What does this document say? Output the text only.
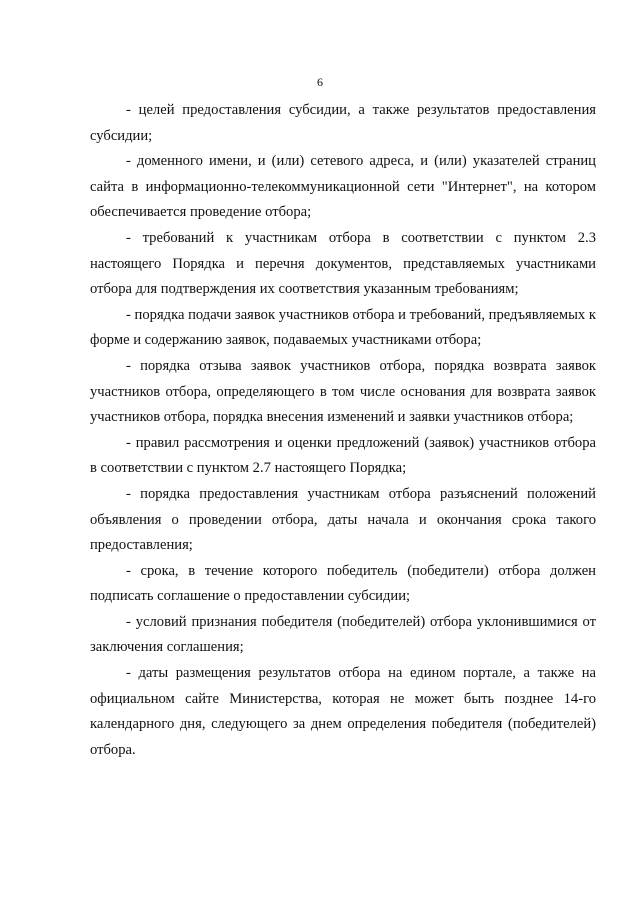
6

- целей предоставления субсидии, а также результатов предоставления субсидии;

- доменного имени, и (или) сетевого адреса, и (или) указателей страниц сайта в информационно-телекоммуникационной сети "Интернет", на котором обеспечивается проведение отбора;

- требований к участникам отбора в соответствии с пунктом 2.3 настоящего Порядка и перечня документов, представляемых участниками отбора для подтверждения их соответствия указанным требованиям;

- порядка подачи заявок участников отбора и требований, предъявляемых к форме и содержанию заявок, подаваемых участниками отбора;

- порядка отзыва заявок участников отбора, порядка возврата заявок участников отбора, определяющего в том числе основания для возврата заявок участников отбора, порядка внесения изменений и заявки участников отбора;

- правил рассмотрения и оценки предложений (заявок) участников отбора в соответствии с пунктом 2.7 настоящего Порядка;

- порядка предоставления участникам отбора разъяснений положений объявления о проведении отбора, даты начала и окончания срока такого предоставления;

- срока, в течение которого победитель (победители) отбора должен подписать соглашение о предоставлении субсидии;

- условий признания победителя (победителей) отбора уклонившимися от заключения соглашения;

- даты размещения результатов отбора на едином портале, а также на официальном сайте Министерства, которая не может быть позднее 14-го календарного дня, следующего за днем определения победителя (победителей) отбора.
